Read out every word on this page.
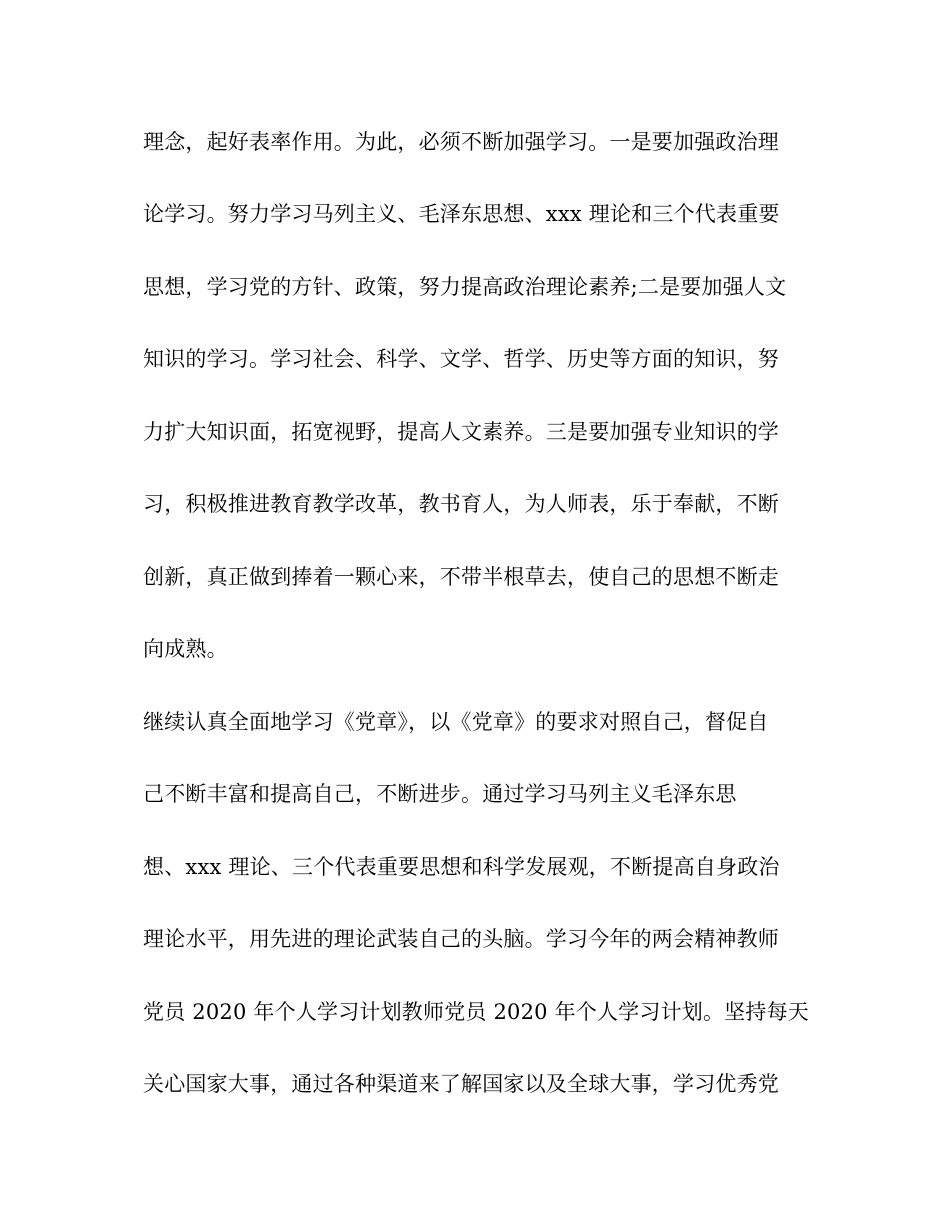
理念，起好表率作用。为此，必须不断加强学习。一是要加强政治理
论学习。努力学习马列主义、毛泽东思想、xxx 理论和三个代表重要
思想，学习党的方针、政策，努力提高政治理论素养;二是要加强人文
知识的学习。学习社会、科学、文学、哲学、历史等方面的知识，努
力扩大知识面，拓宽视野，提高人文素养。三是要加强专业知识的学
习，积极推进教育教学改革，教书育人，为人师表，乐于奉献，不断
创新，真正做到捧着一颗心来，不带半根草去，使自己的思想不断走
向成熟。
继续认真全面地学习《党章》，以《党章》的要求对照自己，督促自
己不断丰富和提高自己，不断进步。通过学习马列主义毛泽东思
想、xxx 理论、三个代表重要思想和科学发展观，不断提高自身政治
理论水平，用先进的理论武装自己的头脑。学习今年的两会精神教师
党员 2020 年个人学习计划教师党员 2020 年个人学习计划。坚持每天
关心国家大事，通过各种渠道来了解国家以及全球大事，学习优秀党
